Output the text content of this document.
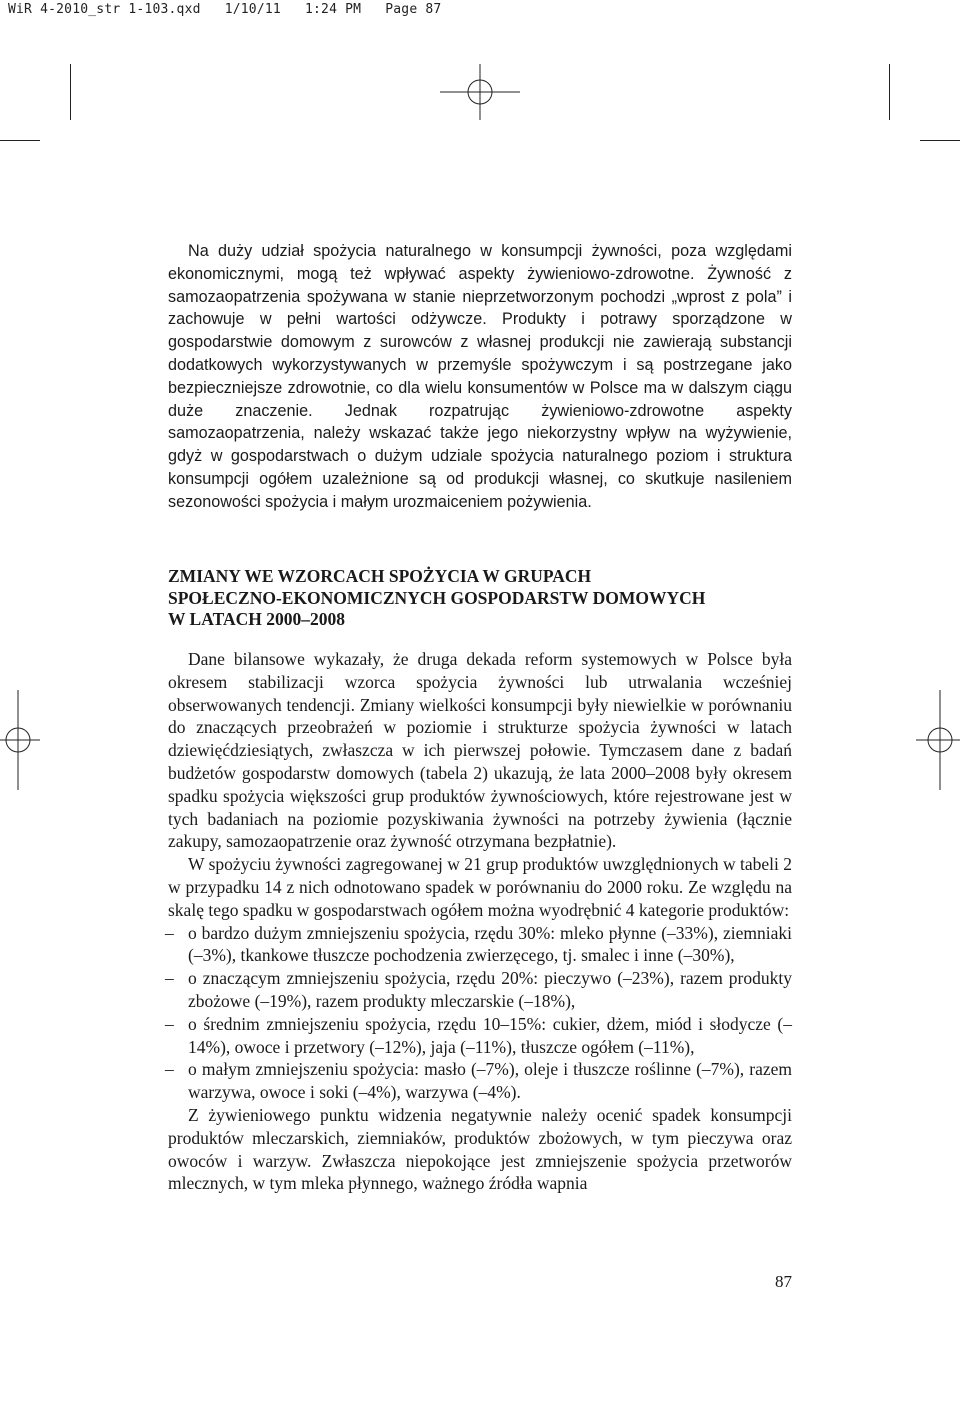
WiR 4-2010_str 1-103.qxd   1/10/11   1:24 PM   Page 87

Na duży udział spożycia naturalnego w konsumpcji żywności, poza względami ekonomicznymi, mogą też wpływać aspekty żywieniowo-zdrowotne. Żywność z samozaopatrzenia spożywana w stanie nieprzetworzonym pochodzi „wprost z pola” i zachowuje w pełni wartości odżywcze. Produkty i potrawy sporządzone w gospodarstwie domowym z surowców z własnej produkcji nie zawierają substancji dodatkowych wykorzystywanych w przemyśle spożywczym i są postrzegane jako bezpieczniejsze zdrowotnie, co dla wielu konsumentów w Polsce ma w dalszym ciągu duże znaczenie. Jednak rozpatrując żywieniowo-zdrowotne aspekty samozaopatrzenia, należy wskazać także jego niekorzystny wpływ na wyżywienie, gdyż w gospodarstwach o dużym udziale spożycia naturalnego poziom i struktura konsumpcji ogółem uzależnione są od produkcji własnej, co skutkuje nasileniem sezonowości spożycia i małym urozmaiceniem pożywienia.

ZMIANY WE WZORCACH SPOŻYCIA W GRUPACH
SPOŁECZNO-EKONOMICZNYCH GOSPODARSTW DOMOWYCH
W LATACH 2000–2008

Dane bilansowe wykazały, że druga dekada reform systemowych w Polsce była okresem stabilizacji wzorca spożycia żywności lub utrwalania wcześniej obserwowanych tendencji. Zmiany wielkości konsumpcji były niewielkie w porównaniu do znaczących przeobrażeń w poziomie i strukturze spożycia żywności w latach dziewięćdziesiątych, zwłaszcza w ich pierwszej połowie. Tymczasem dane z badań budżetów gospodarstw domowych (tabela 2) ukazują, że lata 2000–2008 były okresem spadku spożycia większości grup produktów żywnościowych, które rejestrowane jest w tych badaniach na poziomie pozyskiwania żywności na potrzeby żywienia (łącznie zakupy, samozaopatrzenie oraz żywność otrzymana bezpłatnie).

W spożyciu żywności zagregowanej w 21 grup produktów uwzględnionych w tabeli 2 w przypadku 14 z nich odnotowano spadek w porównaniu do 2000 roku. Ze względu na skalę tego spadku w gospodarstwach ogółem można wyodrębnić 4 kategorie produktów:

– o bardzo dużym zmniejszeniu spożycia, rzędu 30%: mleko płynne (–33%), ziemniaki (–3%), tkankowe tłuszcze pochodzenia zwierzęcego, tj. smalec i inne (–30%),
– o znaczącym zmniejszeniu spożycia, rzędu 20%: pieczywo (–23%), razem produkty zbożowe (–19%), razem produkty mleczarskie (–18%),
– o średnim zmniejszeniu spożycia, rzędu 10–15%: cukier, dżem, miód i słodycze (–14%), owoce i przetwory (–12%), jaja (–11%), tłuszcze ogółem (–11%),
– o małym zmniejszeniu spożycia: masło (–7%), oleje i tłuszcze roślinne (–7%), razem warzywa, owoce i soki (–4%), warzywa (–4%).

Z żywieniowego punktu widzenia negatywnie należy ocenić spadek konsumpcji produktów mleczarskich, ziemniaków, produktów zbożowych, w tym pieczywa oraz owoców i warzyw. Zwłaszcza niepokojące jest zmniejszenie spożycia przetworów mlecznych, w tym mleka płynnego, ważnego źródła wapnia

87
